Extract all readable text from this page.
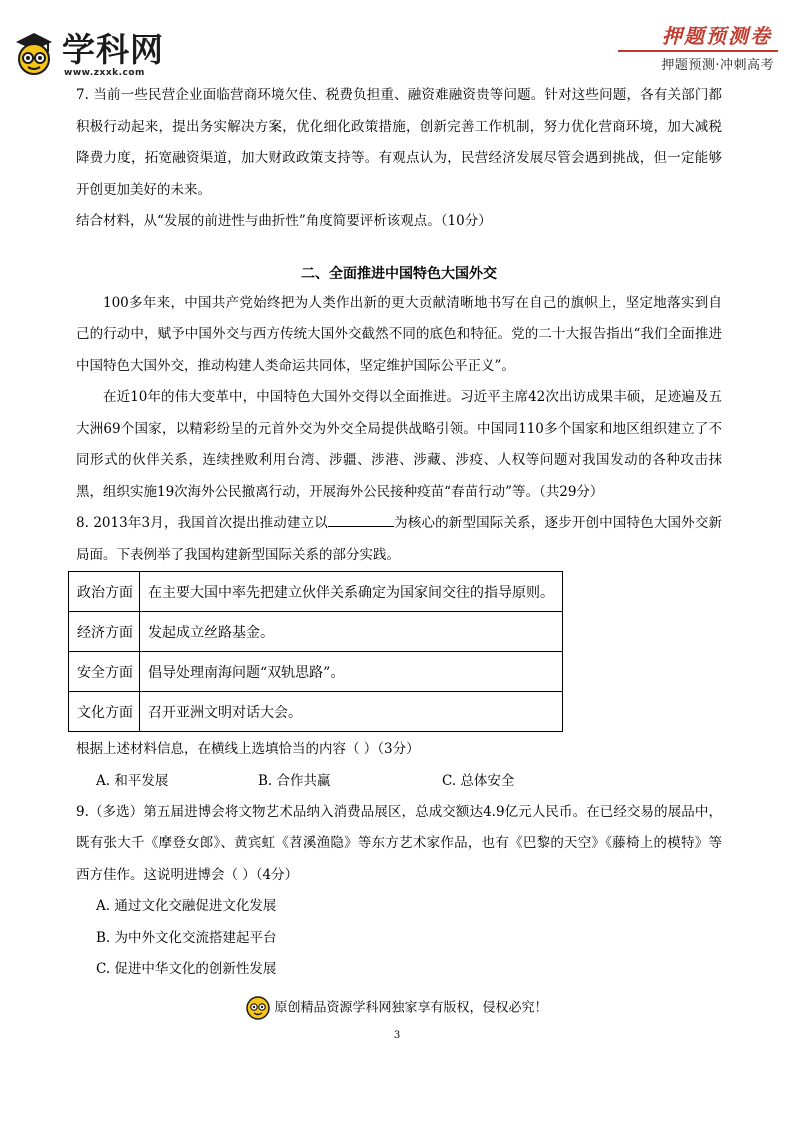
学科网
www.zxxk.com
押题预测卷
押题预测·冲刺高考

7. 当前一些民营企业面临营商环境欠佳、税费负担重、融资难融资贵等问题。针对这些问题，各有关部门都积极行动起来，提出务实解决方案，优化细化政策措施，创新完善工作机制，努力优化营商环境，加大减税降费力度，拓宽融资渠道，加大财政政策支持等。有观点认为，民营经济发展尽管会遇到挑战，但一定能够开创更加美好的未来。

结合材料，从“发展的前进性与曲折性”角度简要评析该观点。（10分）

二、全面推进中国特色大国外交

100多年来，中国共产党始终把为人类作出新的更大贡献清晰地书写在自己的旗帜上，坚定地落实到自己的行动中，赋予中国外交与西方传统大国外交截然不同的底色和特征。党的二十大报告指出“我们全面推进中国特色大国外交，推动构建人类命运共同体，坚定维护国际公平正义”。

在近10年的伟大变革中，中国特色大国外交得以全面推进。习近平主席42次出访成果丰硕，足迹遍及五大洲69个国家，以精彩纷呈的元首外交为外交全局提供战略引领。中国同110多个国家和地区组织建立了不同形式的伙伴关系，连续挫败利用台湾、涉疆、涉港、涉藏、涉疫、人权等问题对我国发动的各种攻击抹黑，组织实施19次海外公民撤离行动，开展海外公民接种疫苗“春苗行动”等。（共29分）

8. 2013年3月，我国首次提出推动建立以	为核心的新型国际关系，逐步开创中国特色大国外交新局面。下表例举了我国构建新型国际关系的部分实践。

政治方面	在主要大国中率先把建立伙伴关系确定为国家间交往的指导原则。
经济方面	发起成立丝路基金。
安全方面	倡导处理南海问题“双轨思路”。
文化方面	召开亚洲文明对话大会。

根据上述材料信息，在横线上选填恰当的内容（ ）（3分）

A. 和平发展	B. 合作共赢	C. 总体安全

9.（多选）第五届进博会将文物艺术品纳入消费品展区，总成交额达4.9亿元人民币。在已经交易的展品中，既有张大千《摩登女郎》、黄宾虹《苕溪渔隐》等东方艺术家作品，也有《巴黎的天空》《藤椅上的模特》等西方佳作。这说明进博会（ ）（4分）

A. 通过文化交融促进文化发展
B. 为中外文化交流搭建起平台
C. 促进中华文化的创新性发展
原创精品资源学科网独家享有版权，侵权必究！
3
